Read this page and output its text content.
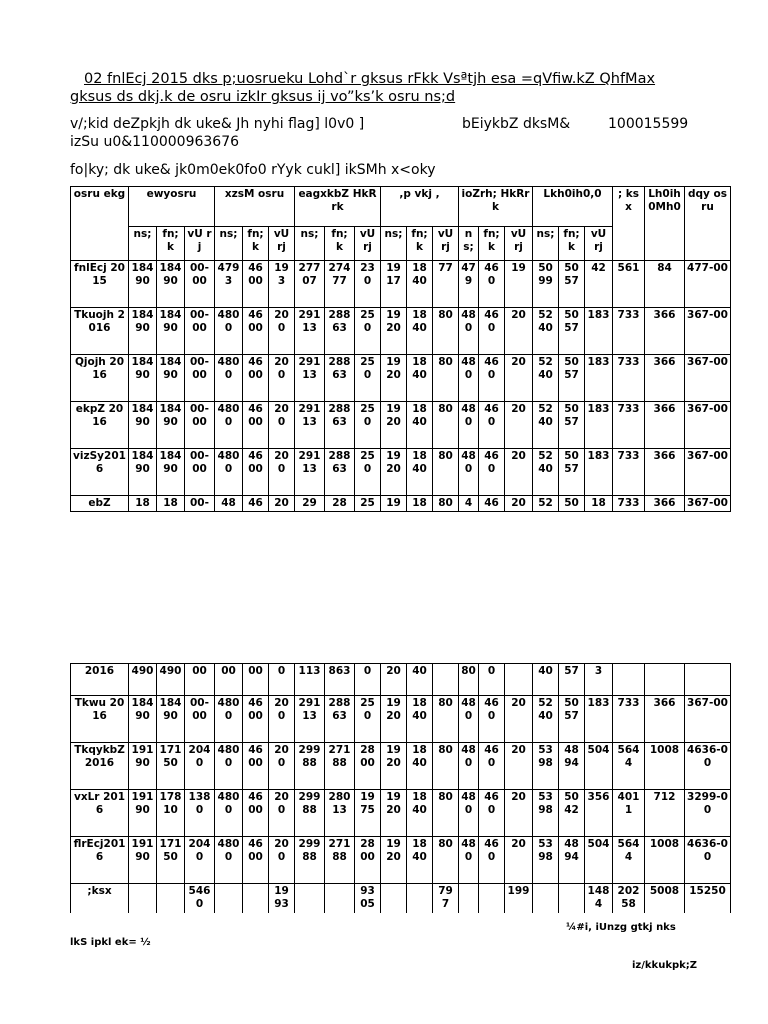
02 fnlEcj 2015 dks p;uosrueku Lohd`r gksus rFkk Vsªtjh esa =qVfiw.kZ QhfMax
gksus ds dkj.k de osru izkIr gksus ij vo”ks’k osru ns;d
v/;kid deZpkjh dk uke& Jh nyhi flag] l0v0 ]	bEiykbZ dksM&	100015599
izSu u0&110000963676
fo|ky; dk uke& jk0m0ek0fo0 rYyk cukl] ikSMh x<oky
osru ekg	ewyosru			xzsM osru			eagxkbZ HkRrk			,p vkj ,			ioZrh; HkRrk			Lkh0ih0,0			; ksx	Lh0ih 0Mh0	dqy osru
	ns;	fn; k	vU rj	ns;	fn; k	vU rj	ns;	fn; k	vU rj	ns;	fn; k	vU rj	ns;	fn; k	vU rj	ns;	fn; k	vU rj			
fnlEcj 2015	18490	18490	00-00	4793	4600	193	27707	27477	230	1917	1840	77	479	460	19	5099	5057	42	561	84	477-00
Tkuojh 2016	18490	18490	00-00	4800	4600	200	29113	28863	250	1920	1840	80	480	460	20	5240	5057	183	733	366	367-00
Qjojh 2016	18490	18490	00-00	4800	4600	200	29113	28863	250	1920	1840	80	480	460	20	5240	5057	183	733	366	367-00
ekpZ 2016	18490	18490	00-00	4800	4600	200	29113	28863	250	1920	1840	80	480	460	20	5240	5057	183	733	366	367-00
vizSy2016	18490	18490	00-00	4800	4600	200	29113	28863	250	1920	1840	80	480	460	20	5240	5057	183	733	366	367-00
ebZ	18	18	00-	48	46	20	29	28	25	19	18	80	4	46	20	52	50	18	733	366	367-00
2016	490	490	00	00	00	0	113	863	0	20	40		80	0		40	57	3			
Tkwu 2016	18490	18490	00-00	4800	4600	200	29113	28863	250	1920	1840	80	480	460	20	5240	5057	183	733	366	367-00
TkqykbZ 2016	19190	17150	2040	4800	4600	200	29988	27188	2800	1920	1840	80	480	460	20	5398	4894	504	5644	1008	4636-00
vxLr 2016	19190	17810	1380	4800	4600	200	29988	28013	1975	1920	1840	80	480	460	20	5398	5042	356	4011	712	3299-00
flrEcj2016	19190	17150	2040	4800	4600	200	29988	27188	2800	1920	1840	80	480	460	20	5398	4894	504	5644	1008	4636-00
;ksx			5460			1993			9305			797			199			1484	20258	5008	15250
¼#i, iUnzg gtkj nks
lkS ipkl ek= ½
iz/kkukpk;Z
